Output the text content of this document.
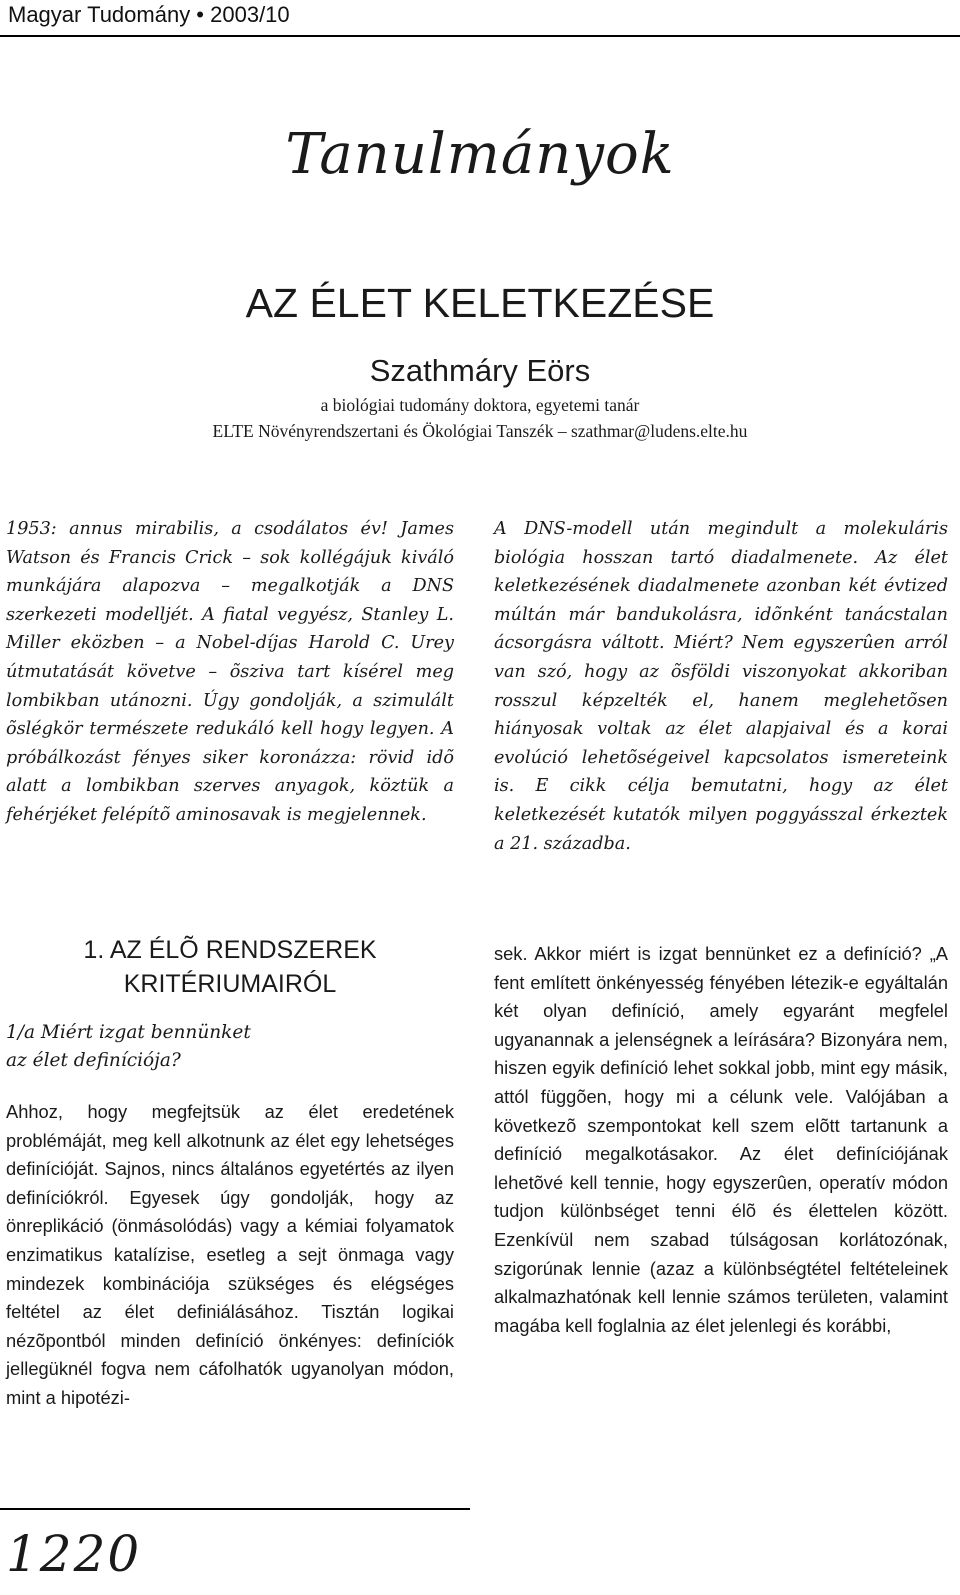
Magyar Tudomány • 2003/10
Tanulmányok
AZ ÉLET KELETKEZÉSE
Szathmáry Eörs
a biológiai tudomány doktora, egyetemi tanár
ELTE Növényrendszertani és Ökológiai Tanszék – szathmar@ludens.elte.hu

1953: annus mirabilis, a csodálatos év! James Watson és Francis Crick – sok kollégájuk kiváló munkájára alapozva – megalkotják a DNS szerkezeti modelljét. A fiatal vegyész, Stanley L. Miller eközben – a Nobel-díjas Harold C. Urey útmutatását követve – õsziva tart kísérel meg lombikban utánozni. Úgy gondolják, a szimulált õslégkör természete redukáló kell hogy legyen. A próbálkozást fényes siker koronázza: rövid idõ alatt a lombikban szerves anyagok, köztük a fehérjéket felépítõ aminosavak is megjelennek.

A DNS-modell után megindult a molekuláris biológia hosszan tartó diadalmenete. Az élet keletkezésének diadalmenete azonban két évtized múltán már bandukolásra, idõnként tanácstalan ácsorgásra váltott. Miért? Nem egyszerûen arról van szó, hogy az õsföldi viszonyokat akkoriban rosszul képzelték el, hanem meglehetõsen hiányosak voltak az élet alapjaival és a korai evolúció lehetõségeivel kapcsolatos ismereteink is. E cikk célja bemutatni, hogy az élet keletkezését kutatók milyen poggyásszal érkeztek a 21. századba.

1. AZ ÉLÕ RENDSZEREK
KRITÉRIUMAIRÓL
1/a Miért izgat bennünket
az élet definíciója?

Ahhoz, hogy megfejtsük az élet eredetének problémáját, meg kell alkotnunk az élet egy lehetséges definícióját. Sajnos, nincs általános egyetértés az ilyen definíciókról. Egyesek úgy gondolják, hogy az önreplikáció (önmásolódás) vagy a kémiai folyamatok enzimatikus katalízise, esetleg a sejt önmaga vagy mindezek kombinációja szükséges és elégséges feltétel az élet definiálásához. Tisztán logikai nézõpontból minden definíció önkényes: definíciók jellegüknél fogva nem cáfolhatók ugyanolyan módon, mint a hipotézi-

sek. Akkor miért is izgat bennünket ez a definíció? „A fent említett önkényesség fényében létezik-e egyáltalán két olyan definíció, amely egyaránt megfelel ugyanannak a jelenségnek a leírására? Bizonyára nem, hiszen egyik definíció lehet sokkal jobb, mint egy másik, attól függõen, hogy mi a célunk vele. Valójában a következõ szempontokat kell szem elõtt tartanunk a definíció megalkotásakor. Az élet definíciójának lehetõvé kell tennie, hogy egyszerûen, operatív módon tudjon különbséget tenni élõ és élettelen között. Ezenkívül nem szabad túlságosan korlátozónak, szigorúnak lennie (azaz a különbségtétel feltételeinek alkalmazhatónak kell lennie számos területen, valamint magába kell foglalnia az élet jelenlegi és korábbi,

1220
